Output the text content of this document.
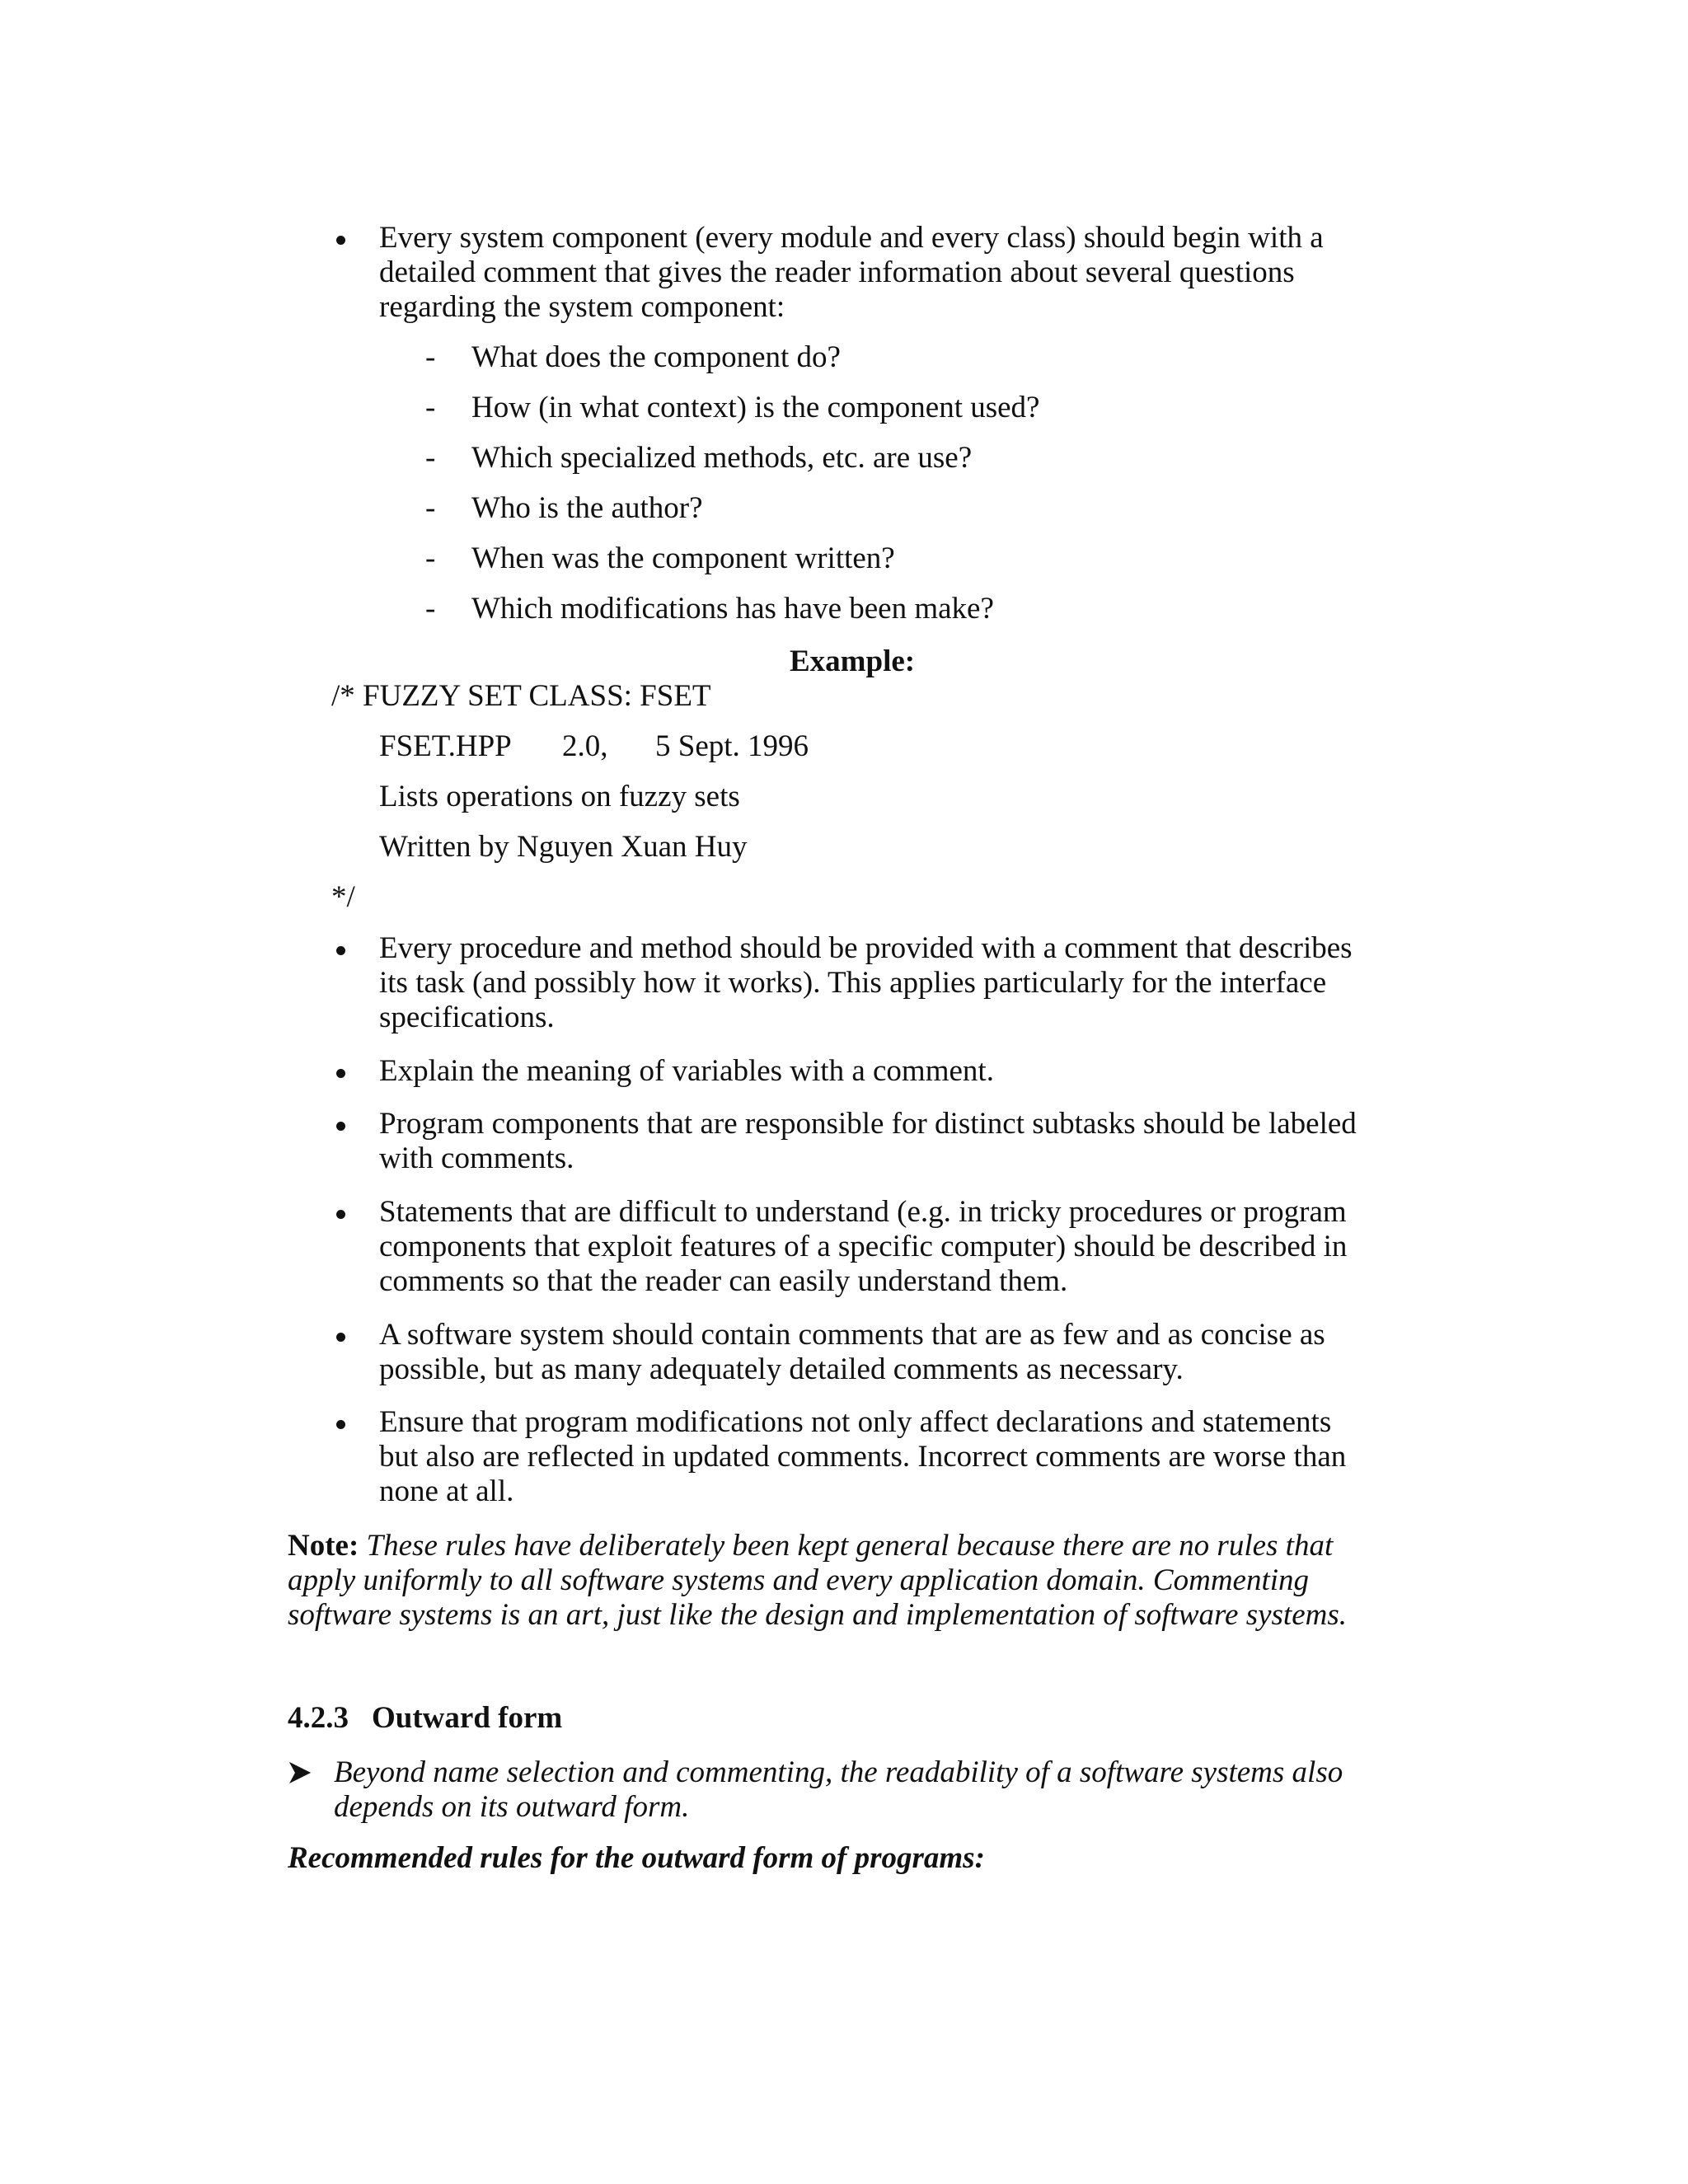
Every system component (every module and every class) should begin with a
detailed comment that gives the reader information about several questions
regarding the system component:
- What does the component do?
- How (in what context) is the component used?
- Which specialized methods, etc. are use?
- Who is the author?
- When was the component written?
- Which modifications has have been make?
Example:
/* FUZZY SET CLASS: FSET
FSET.HPP 2.0, 5 Sept. 1996
Lists operations on fuzzy sets
Written by Nguyen Xuan Huy
*/
Every procedure and method should be provided with a comment that describes
its task (and possibly how it works). This applies particularly for the interface
specifications.
Explain the meaning of variables with a comment.
Program components that are responsible for distinct subtasks should be labeled
with comments.
Statements that are difficult to understand (e.g. in tricky procedures or program
components that exploit features of a specific computer) should be described in
comments so that the reader can easily understand them.
A software system should contain comments that are as few and as concise as
possible, but as many adequately detailed comments as necessary.
Ensure that program modifications not only affect declarations and statements
but also are reflected in updated comments. Incorrect comments are worse than
none at all.
Note: These rules have deliberately been kept general because there are no rules that
apply uniformly to all software systems and every application domain. Commenting
software systems is an art, just like the design and implementation of software systems.
4.2.3 Outward form
Beyond name selection and commenting, the readability of a software systems also
depends on its outward form.
Recommended rules for the outward form of programs:
